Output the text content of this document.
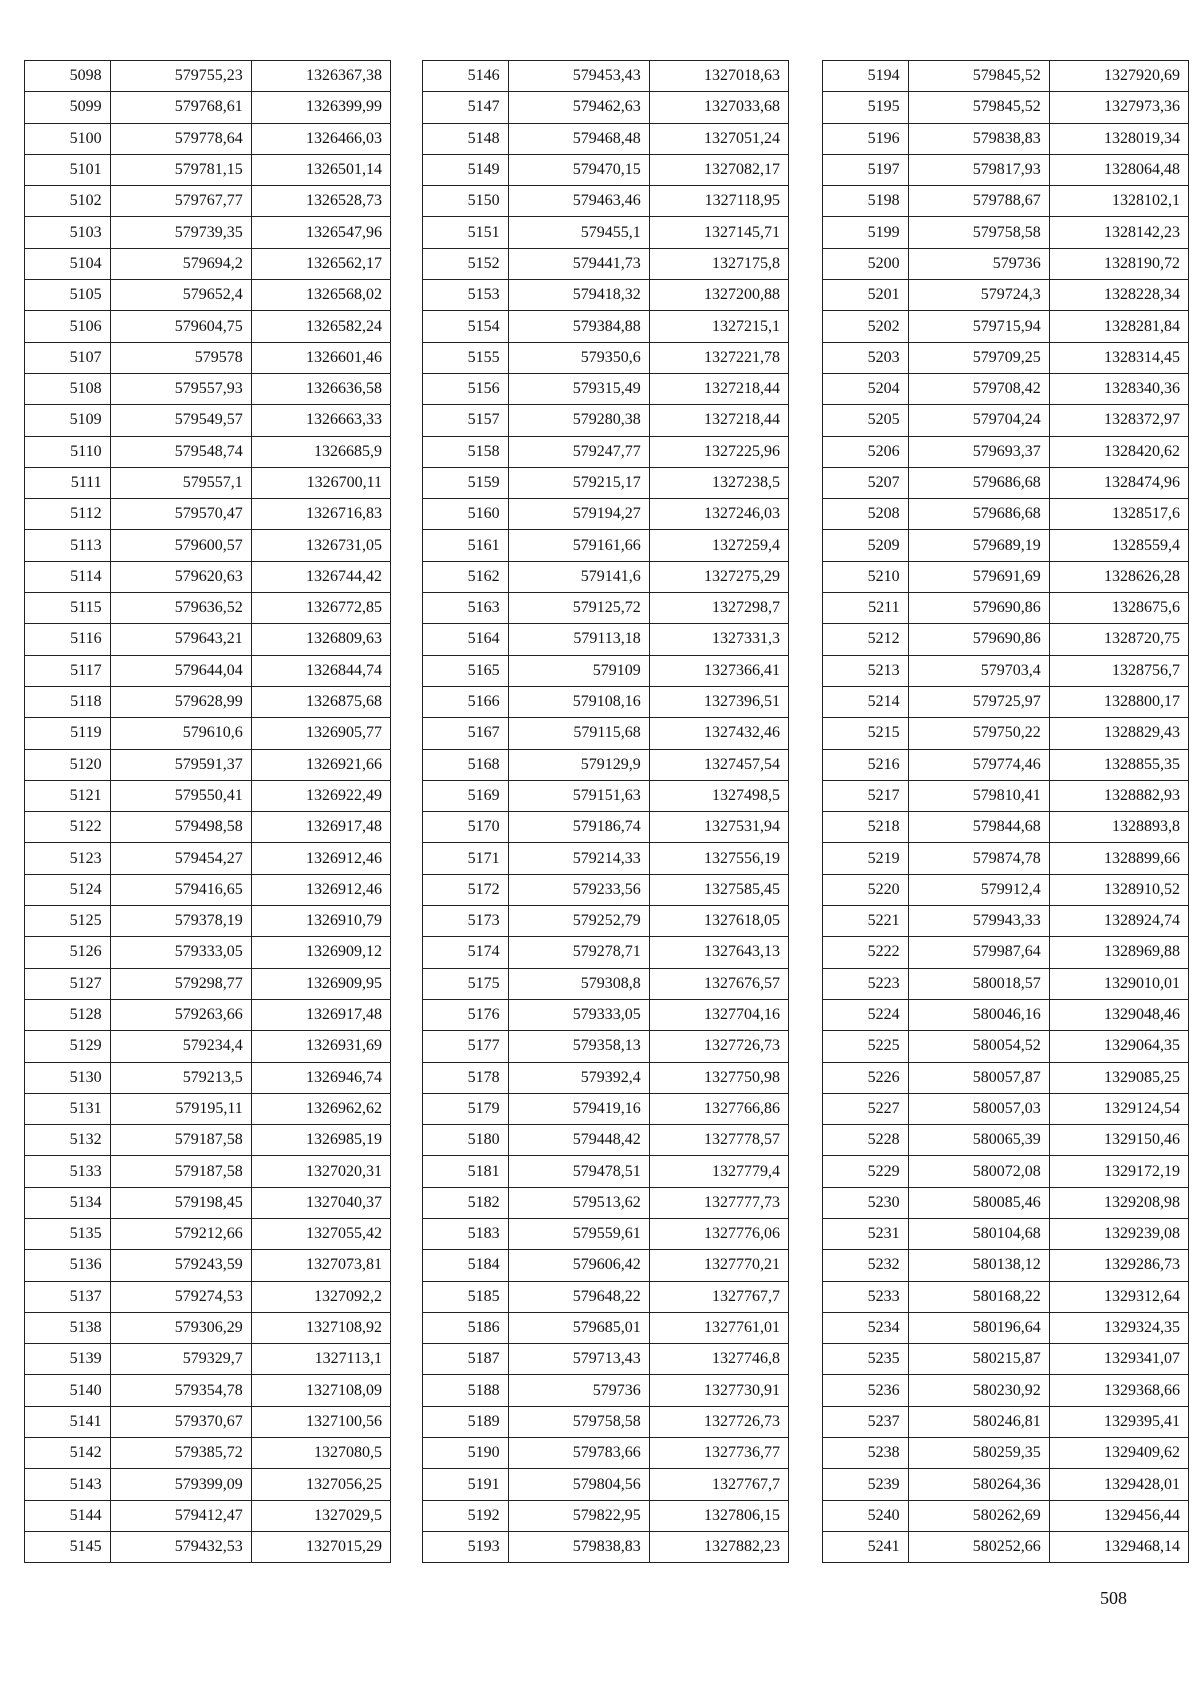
5098	579755,23	1326367,38
5099	579768,61	1326399,99
5100	579778,64	1326466,03
5101	579781,15	1326501,14
5102	579767,77	1326528,73
5103	579739,35	1326547,96
5104	579694,2	1326562,17
5105	579652,4	1326568,02
5106	579604,75	1326582,24
5107	579578	1326601,46
5108	579557,93	1326636,58
5109	579549,57	1326663,33
5110	579548,74	1326685,9
5111	579557,1	1326700,11
5112	579570,47	1326716,83
5113	579600,57	1326731,05
5114	579620,63	1326744,42
5115	579636,52	1326772,85
5116	579643,21	1326809,63
5117	579644,04	1326844,74
5118	579628,99	1326875,68
5119	579610,6	1326905,77
5120	579591,37	1326921,66
5121	579550,41	1326922,49
5122	579498,58	1326917,48
5123	579454,27	1326912,46
5124	579416,65	1326912,46
5125	579378,19	1326910,79
5126	579333,05	1326909,12
5127	579298,77	1326909,95
5128	579263,66	1326917,48
5129	579234,4	1326931,69
5130	579213,5	1326946,74
5131	579195,11	1326962,62
5132	579187,58	1326985,19
5133	579187,58	1327020,31
5134	579198,45	1327040,37
5135	579212,66	1327055,42
5136	579243,59	1327073,81
5137	579274,53	1327092,2
5138	579306,29	1327108,92
5139	579329,7	1327113,1
5140	579354,78	1327108,09
5141	579370,67	1327100,56
5142	579385,72	1327080,5
5143	579399,09	1327056,25
5144	579412,47	1327029,5
5145	579432,53	1327015,29
5146	579453,43	1327018,63
5147	579462,63	1327033,68
5148	579468,48	1327051,24
5149	579470,15	1327082,17
5150	579463,46	1327118,95
5151	579455,1	1327145,71
5152	579441,73	1327175,8
5153	579418,32	1327200,88
5154	579384,88	1327215,1
5155	579350,6	1327221,78
5156	579315,49	1327218,44
5157	579280,38	1327218,44
5158	579247,77	1327225,96
5159	579215,17	1327238,5
5160	579194,27	1327246,03
5161	579161,66	1327259,4
5162	579141,6	1327275,29
5163	579125,72	1327298,7
5164	579113,18	1327331,3
5165	579109	1327366,41
5166	579108,16	1327396,51
5167	579115,68	1327432,46
5168	579129,9	1327457,54
5169	579151,63	1327498,5
5170	579186,74	1327531,94
5171	579214,33	1327556,19
5172	579233,56	1327585,45
5173	579252,79	1327618,05
5174	579278,71	1327643,13
5175	579308,8	1327676,57
5176	579333,05	1327704,16
5177	579358,13	1327726,73
5178	579392,4	1327750,98
5179	579419,16	1327766,86
5180	579448,42	1327778,57
5181	579478,51	1327779,4
5182	579513,62	1327777,73
5183	579559,61	1327776,06
5184	579606,42	1327770,21
5185	579648,22	1327767,7
5186	579685,01	1327761,01
5187	579713,43	1327746,8
5188	579736	1327730,91
5189	579758,58	1327726,73
5190	579783,66	1327736,77
5191	579804,56	1327767,7
5192	579822,95	1327806,15
5193	579838,83	1327882,23
5194	579845,52	1327920,69
5195	579845,52	1327973,36
5196	579838,83	1328019,34
5197	579817,93	1328064,48
5198	579788,67	1328102,1
5199	579758,58	1328142,23
5200	579736	1328190,72
5201	579724,3	1328228,34
5202	579715,94	1328281,84
5203	579709,25	1328314,45
5204	579708,42	1328340,36
5205	579704,24	1328372,97
5206	579693,37	1328420,62
5207	579686,68	1328474,96
5208	579686,68	1328517,6
5209	579689,19	1328559,4
5210	579691,69	1328626,28
5211	579690,86	1328675,6
5212	579690,86	1328720,75
5213	579703,4	1328756,7
5214	579725,97	1328800,17
5215	579750,22	1328829,43
5216	579774,46	1328855,35
5217	579810,41	1328882,93
5218	579844,68	1328893,8
5219	579874,78	1328899,66
5220	579912,4	1328910,52
5221	579943,33	1328924,74
5222	579987,64	1328969,88
5223	580018,57	1329010,01
5224	580046,16	1329048,46
5225	580054,52	1329064,35
5226	580057,87	1329085,25
5227	580057,03	1329124,54
5228	580065,39	1329150,46
5229	580072,08	1329172,19
5230	580085,46	1329208,98
5231	580104,68	1329239,08
5232	580138,12	1329286,73
5233	580168,22	1329312,64
5234	580196,64	1329324,35
5235	580215,87	1329341,07
5236	580230,92	1329368,66
5237	580246,81	1329395,41
5238	580259,35	1329409,62
5239	580264,36	1329428,01
5240	580262,69	1329456,44
5241	580252,66	1329468,14
508
